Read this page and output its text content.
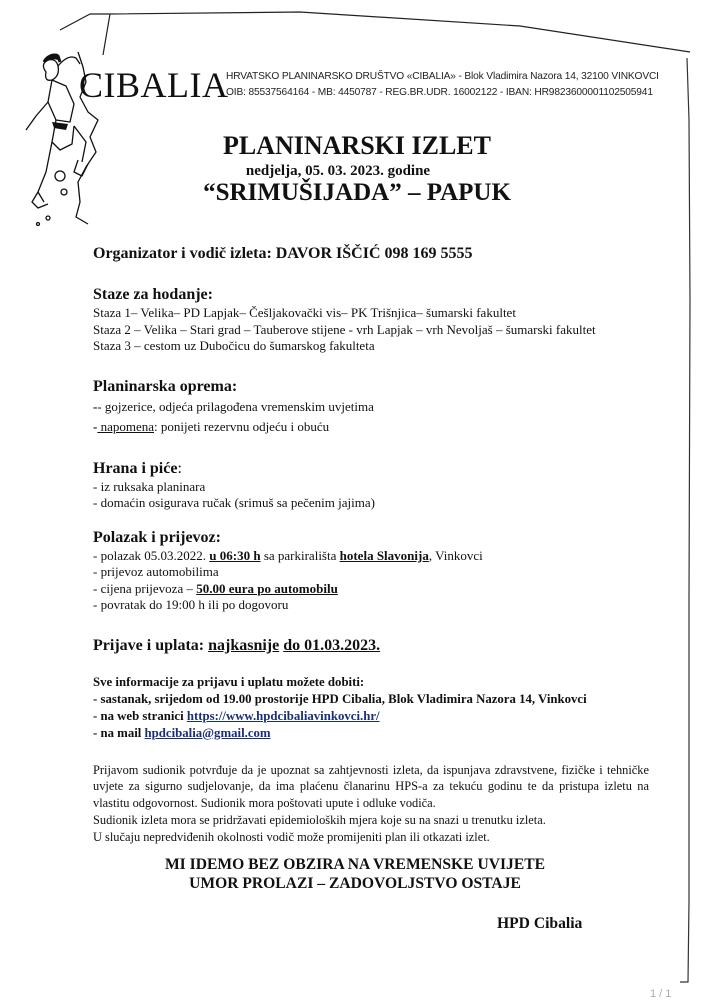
CIBALIA
HRVATSKO PLANINARSKO DRUŠTVO «CIBALIA» - Blok Vladimira Nazora 14, 32100 VINKOVCI
OIB: 85537564164 - MB: 4450787 - REG.BR.UDR. 16002122 - IBAN: HR9823600001102505941
PLANINARSKI IZLET
nedjelja, 05. 03. 2023. godine
“SRIMUŠIJADA” – PAPUK
Organizator i vodič izleta: DAVOR IŠČIĆ 098 169 5555
Staze za hodanje:
Staza 1– Velika– PD Lapjak– Češljakovački vis– PK Trišnjica– šumarski fakultet
Staza 2 – Velika – Stari grad – Tauberove stijene - vrh Lapjak – vrh Nevoljaš – šumarski fakultet
Staza 3 – cestom uz Dubočicu do šumarskog fakulteta
Planinarska oprema:
-- gojzerice, odjeća prilagođena vremenskim uvjetima
- napomena: ponijeti rezervnu odjeću i obuću
Hrana i piće:
- iz ruksaka planinara
- domaćin osigurava ručak (srimuš sa pečenim jajima)
Polazak i prijevoz:
- polazak 05.03.2022. u 06:30 h sa parkirališta hotela Slavonija, Vinkovci
- prijevoz automobilima
- cijena prijevoza – 50.00 eura po automobilu
- povratak do 19:00 h ili po dogovoru
Prijave i uplata: najkasnije do 01.03.2023.
Sve informacije za prijavu i uplatu možete dobiti:
- sastanak, srijedom od 19.00 prostorije HPD Cibalia, Blok Vladimira Nazora 14, Vinkovci
- na web stranici https://www.hpdcibaliavinkovci.hr/
- na mail hpdcibalia@gmail.com
Prijavom sudionik potvrđuje da je upoznat sa zahtjevnosti izleta, da ispunjava zdravstvene, fizičke i tehničke uvjete za sigurno sudjelovanje, da ima plaćenu članarinu HPS-a za tekuću godinu te da pristupa izletu na vlastitu odgovornost. Sudionik mora poštovati upute i odluke vodiča.
Sudionik izleta mora se pridržavati epidemioloških mjera koje su na snazi u trenutku izleta.
U slučaju nepredviđenih okolnosti vodič može promijeniti plan ili otkazati izlet.
MI IDEMO BEZ OBZIRA NA VREMENSKE UVIJETE
UMOR PROLAZI – ZADOVOLJSTVO OSTAJE
HPD Cibalia
1 / 1
